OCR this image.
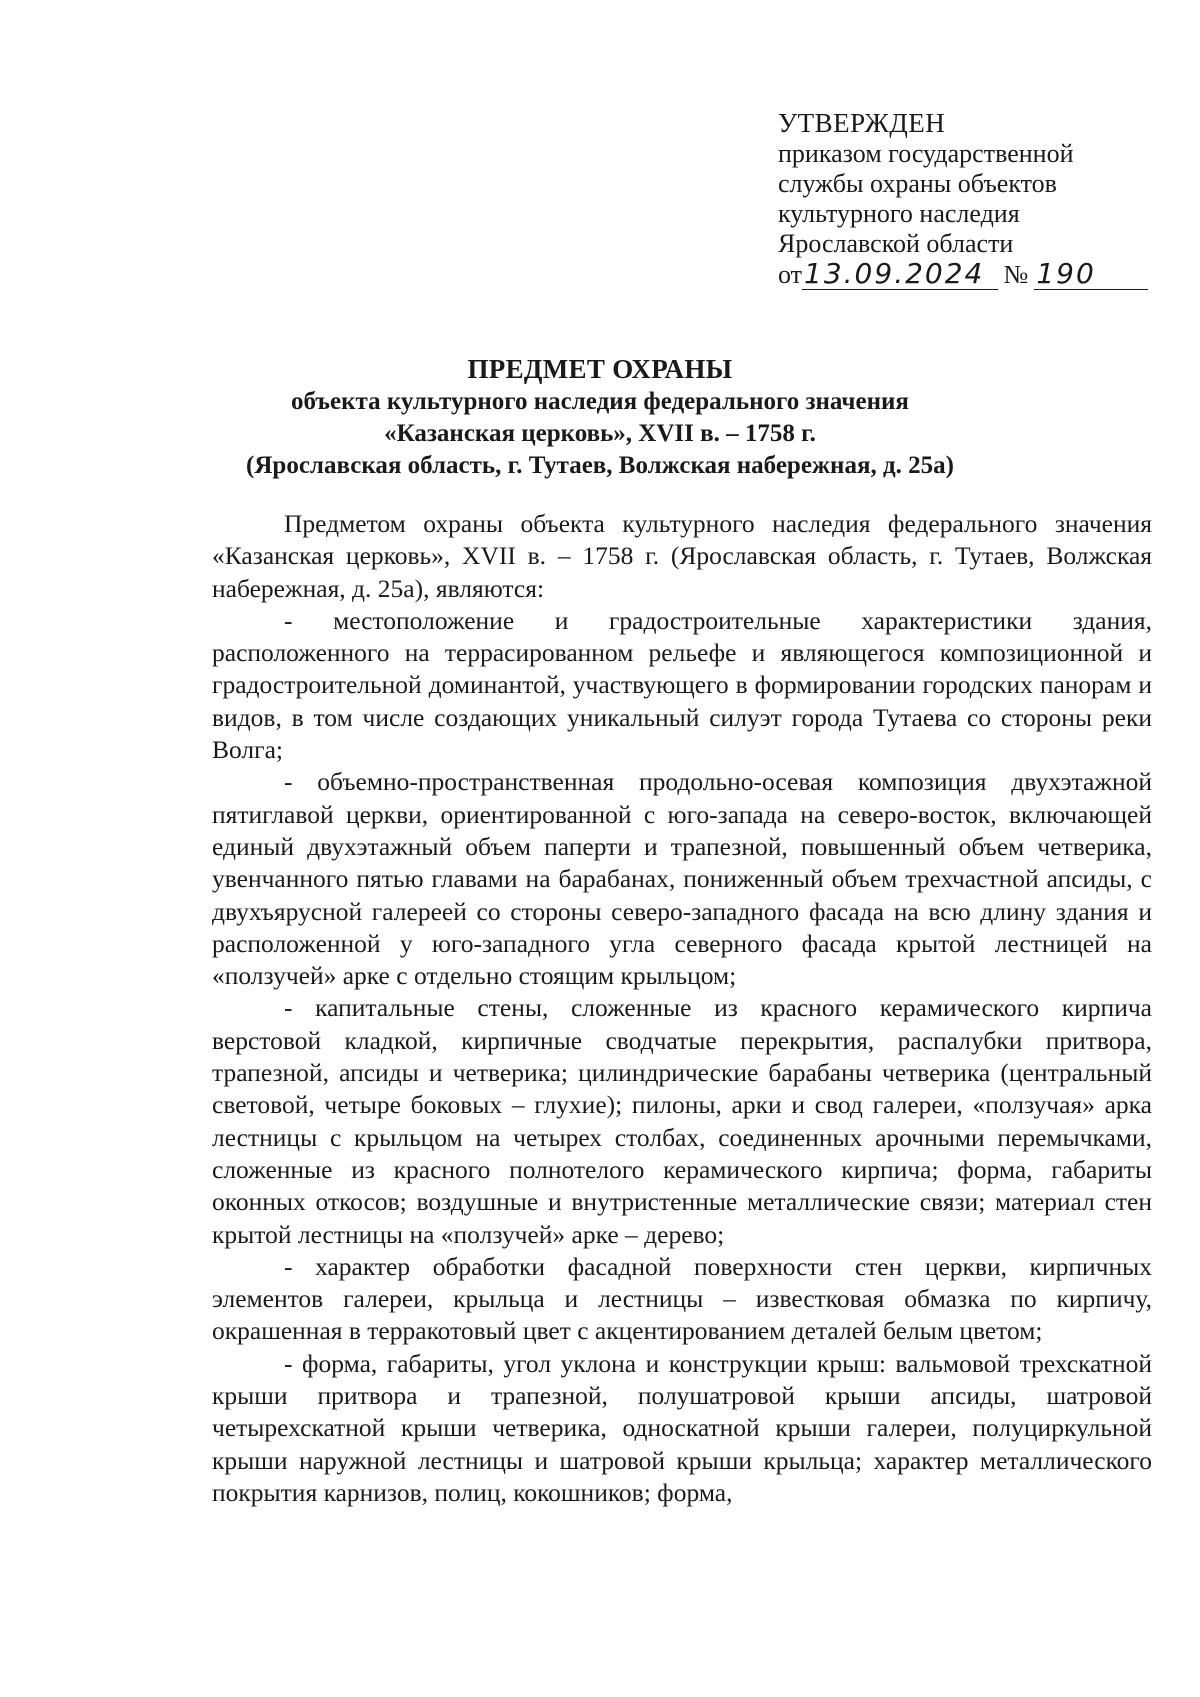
УТВЕРЖДЕН
приказом государственной
службы охраны объектов
культурного наследия
Ярославской области
от 13.09.2024 № 190
ПРЕДМЕТ ОХРАНЫ
объекта культурного наследия федерального значения
«Казанская церковь», XVII в. – 1758 г.
(Ярославская область, г. Тутаев, Волжская набережная, д. 25а)

Предметом охраны объекта культурного наследия федерального значения «Казанская церковь», XVII в. – 1758 г. (Ярославская область, г. Тутаев, Волжская набережная, д. 25а), являются:

- местоположение и градостроительные характеристики здания, расположенного на террасированном рельефе и являющегося композиционной и градостроительной доминантой, участвующего в формировании городских панорам и видов, в том числе создающих уникальный силуэт города Тутаева со стороны реки Волга;

- объемно-пространственная продольно-осевая композиция двухэтажной пятиглавой церкви, ориентированной с юго-запада на северо-восток, включающей единый двухэтажный объем паперти и трапезной, повышенный объем четверика, увенчанного пятью главами на барабанах, пониженный объем трехчастной апсиды, с двухъярусной галереей со стороны северо-западного фасада на всю длину здания и расположенной у юго-западного угла северного фасада крытой лестницей на «ползучей» арке с отдельно стоящим крыльцом;

- капитальные стены, сложенные из красного керамического кирпича верстовой кладкой, кирпичные сводчатые перекрытия, распалубки притвора, трапезной, апсиды и четверика; цилиндрические барабаны четверика (центральный световой, четыре боковых – глухие); пилоны, арки и свод галереи, «ползучая» арка лестницы с крыльцом на четырех столбах, соединенных арочными перемычками, сложенные из красного полнотелого керамического кирпича; форма, габариты оконных откосов; воздушные и внутристенные металлические связи; материал стен крытой лестницы на «ползучей» арке – дерево;

- характер обработки фасадной поверхности стен церкви, кирпичных элементов галереи, крыльца и лестницы – известковая обмазка по кирпичу, окрашенная в терракотовый цвет с акцентированием деталей белым цветом;

- форма, габариты, угол уклона и конструкции крыш: вальмовой трехскатной крыши притвора и трапезной, полушатровой крыши апсиды, шатровой четырехскатной крыши четверика, односкатной крыши галереи, полуциркульной крыши наружной лестницы и шатровой крыши крыльца; характер металлического покрытия карнизов, полиц, кокошников; форма,
